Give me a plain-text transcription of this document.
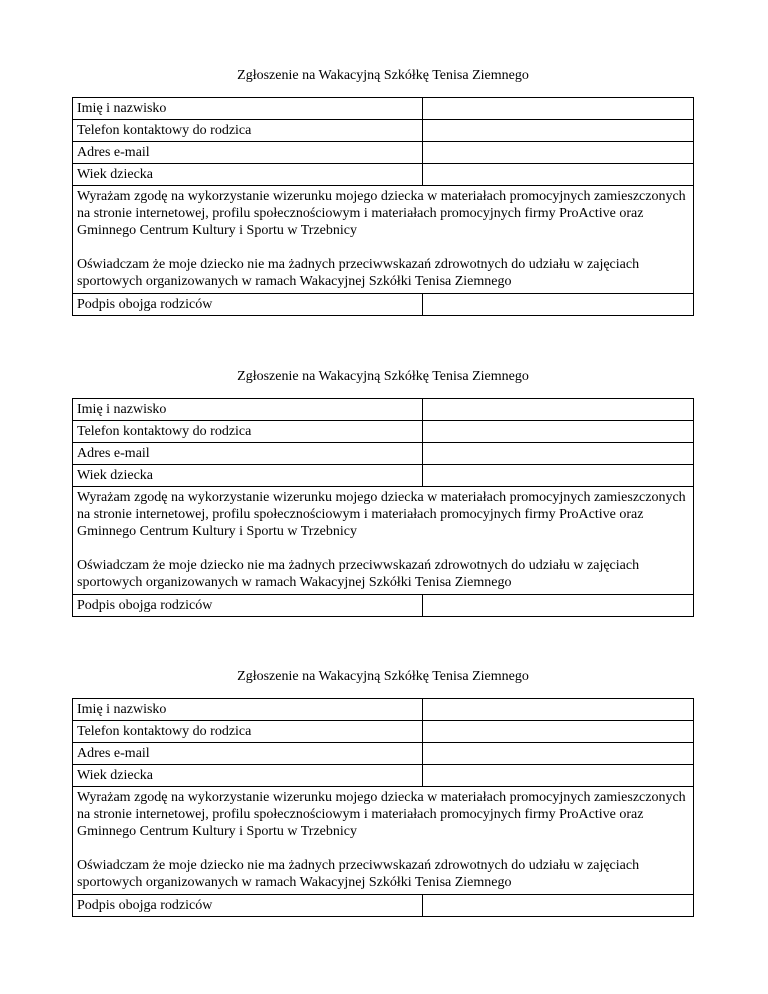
Zgłoszenie na Wakacyjną Szkółkę Tenisa Ziemnego
Imię i nazwisko	
Telefon kontaktowy do rodzica	
Adres e-mail	
Wiek dziecka	

Wyrażam zgodę na wykorzystanie wizerunku mojego dziecka w materiałach promocyjnych zamieszczonych na stronie internetowej, profilu społecznościowym i materiałach promocyjnych firmy ProActive oraz Gminnego Centrum Kultury i Sportu w Trzebnicy

Oświadczam że moje dziecko nie ma żadnych przeciwwskazań zdrowotnych do udziału w zajęciach sportowych organizowanych w ramach Wakacyjnej Szkółki Tenisa Ziemnego	

Podpis obojga rodziców	
Zgłoszenie na Wakacyjną Szkółkę Tenisa Ziemnego
Imię i nazwisko	
Telefon kontaktowy do rodzica	
Adres e-mail	
Wiek dziecka	

Wyrażam zgodę na wykorzystanie wizerunku mojego dziecka w materiałach promocyjnych zamieszczonych na stronie internetowej, profilu społecznościowym i materiałach promocyjnych firmy ProActive oraz Gminnego Centrum Kultury i Sportu w Trzebnicy

Oświadczam że moje dziecko nie ma żadnych przeciwwskazań zdrowotnych do udziału w zajęciach sportowych organizowanych w ramach Wakacyjnej Szkółki Tenisa Ziemnego	

Podpis obojga rodziców	
Zgłoszenie na Wakacyjną Szkółkę Tenisa Ziemnego
Imię i nazwisko	
Telefon kontaktowy do rodzica	
Adres e-mail	
Wiek dziecka	

Wyrażam zgodę na wykorzystanie wizerunku mojego dziecka w materiałach promocyjnych zamieszczonych na stronie internetowej, profilu społecznościowym i materiałach promocyjnych firmy ProActive oraz Gminnego Centrum Kultury i Sportu w Trzebnicy

Oświadczam że moje dziecko nie ma żadnych przeciwwskazań zdrowotnych do udziału w zajęciach sportowych organizowanych w ramach Wakacyjnej Szkółki Tenisa Ziemnego	

Podpis obojga rodziców	
